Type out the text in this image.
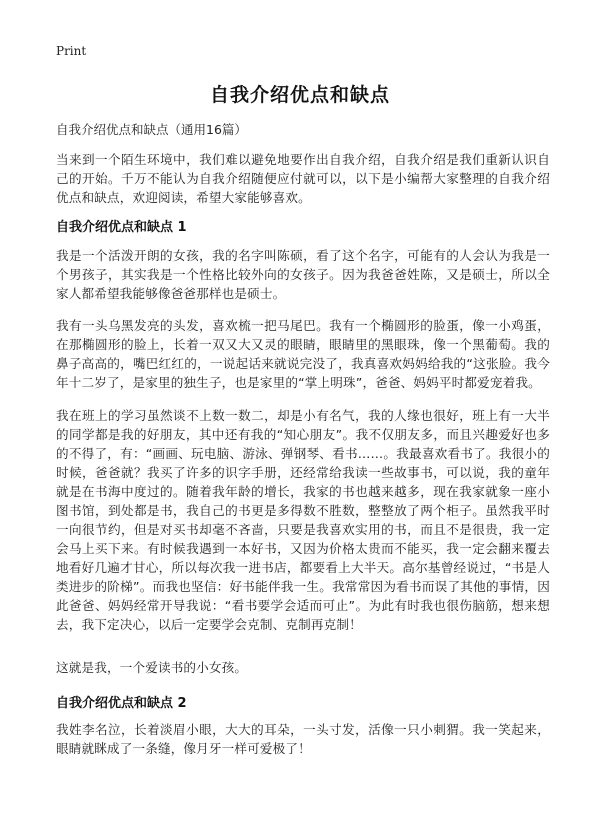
Print
自我介绍优点和缺点
自我介绍优点和缺点（通用16篇）

当来到一个陌生环境中，我们难以避免地要作出自我介绍，自我介绍是我们重新认识自己的开始。千万不能认为自我介绍随便应付就可以，以下是小编帮大家整理的自我介绍优点和缺点，欢迎阅读，希望大家能够喜欢。

自我介绍优点和缺点 1

我是一个活泼开朗的女孩，我的名字叫陈硕，看了这个名字，可能有的人会认为我是一个男孩子，其实我是一个性格比较外向的女孩子。因为我爸爸姓陈，又是硕士，所以全家人都希望我能够像爸爸那样也是硕士。

我有一头乌黑发亮的头发，喜欢梳一把马尾巴。我有一个椭圆形的脸蛋，像一小鸡蛋，在那椭圆形的脸上，长着一双又大又灵的眼睛，眼睛里的黑眼珠，像一个黑葡萄。我的鼻子高高的，嘴巴红红的，一说起话来就说完没了，我真喜欢妈妈给我的“这张脸。我今年十二岁了，是家里的独生子，也是家里的“掌上明珠”，爸爸、妈妈平时都爱宠着我。

我在班上的学习虽然谈不上数一数二，却是小有名气，我的人缘也很好，班上有一大半的同学都是我的好朋友，其中还有我的“知心朋友”。我不仅朋友多，而且兴趣爱好也多的不得了，有：“画画、玩电脑、游泳、弹钢琴、看书……。我最喜欢看书了。我很小的时候，爸爸就？我买了许多的识字手册，还经常给我读一些故事书，可以说，我的童年就是在书海中度过的。随着我年龄的增长，我家的书也越来越多，现在我家就象一座小图书馆，到处都是书，我自己的书更是多得数不胜数，整整放了两个柜子。虽然我平时一向很节约，但是对买书却毫不吝啬，只要是我喜欢实用的书，而且不是很贵，我一定会马上买下来。有时候我遇到一本好书，又因为价格太贵而不能买，我一定会翻来覆去地看好几遍才甘心，所以每次我一进书店，都要看上大半天。高尔基曾经说过，“书是人类进步的阶梯”。而我也坚信：好书能伴我一生。我常常因为看书而误了其他的事情，因此爸爸、妈妈经常开导我说：“看书要学会适而可止”。为此有时我也很伤脑筋，想来想去，我下定决心，以后一定要学会克制、克制再克制！

这就是我，一个爱读书的小女孩。

自我介绍优点和缺点 2

我姓李名泣，长着淡眉小眼，大大的耳朵，一头寸发，活像一只小刺猬。我一笑起来，眼睛就眯成了一条缝，像月牙一样可爱极了！
